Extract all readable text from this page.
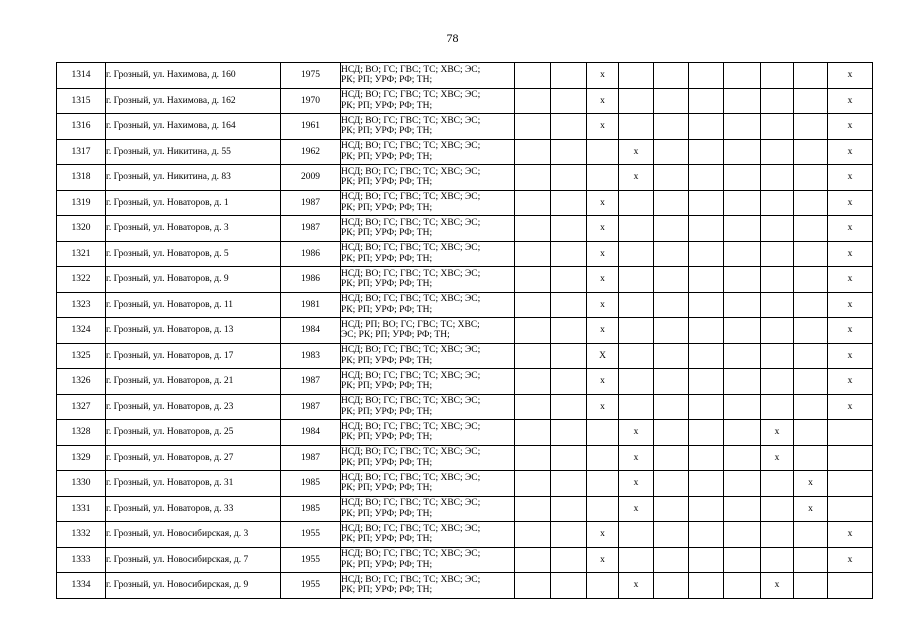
78
1314	г. Грозный, ул. Нахимова, д. 160	1975	НСД; ВО; ГС; ГВС; ТС; ХВС; ЭС;
РК; РП; УРФ; РФ; ТН;			x							x
1315	г. Грозный, ул. Нахимова, д. 162	1970	НСД; ВО; ГС; ГВС; ТС; ХВС; ЭС;
РК; РП; УРФ; РФ; ТН;			x							x
1316	г. Грозный, ул. Нахимова, д. 164	1961	НСД; ВО; ГС; ГВС; ТС; ХВС; ЭС;
РК; РП; УРФ; РФ; ТН;			x							x
1317	г. Грозный, ул. Никитина, д. 55	1962	НСД; ВО; ГС; ГВС; ТС; ХВС; ЭС;
РК; РП; УРФ; РФ; ТН;				x						x
1318	г. Грозный, ул. Никитина, д. 83	2009	НСД; ВО; ГС; ГВС; ТС; ХВС; ЭС;
РК; РП; УРФ; РФ; ТН;				x						x
1319	г. Грозный, ул. Новаторов, д. 1	1987	НСД; ВО; ГС; ГВС; ТС; ХВС; ЭС;
РК; РП; УРФ; РФ; ТН;			x							x
1320	г. Грозный, ул. Новаторов, д. 3	1987	НСД; ВО; ГС; ГВС; ТС; ХВС; ЭС;
РК; РП; УРФ; РФ; ТН;			x							x
1321	г. Грозный, ул. Новаторов, д. 5	1986	НСД; ВО; ГС; ГВС; ТС; ХВС; ЭС;
РК; РП; УРФ; РФ; ТН;			x							x
1322	г. Грозный, ул. Новаторов, д. 9	1986	НСД; ВО; ГС; ГВС; ТС; ХВС; ЭС;
РК; РП; УРФ; РФ; ТН;			x							x
1323	г. Грозный, ул. Новаторов, д. 11	1981	НСД; ВО; ГС; ГВС; ТС; ХВС; ЭС;
РК; РП; УРФ; РФ; ТН;			x							x
1324	г. Грозный, ул. Новаторов, д. 13	1984	НСД; РП; ВО; ГС; ГВС; ТС; ХВС;
ЭС; РК; РП; УРФ; РФ; ТН;			x							x
1325	г. Грозный, ул. Новаторов, д. 17	1983	НСД; ВО; ГС; ГВС; ТС; ХВС; ЭС;
РК; РП; УРФ; РФ; ТН;			X							x
1326	г. Грозный, ул. Новаторов, д. 21	1987	НСД; ВО; ГС; ГВС; ТС; ХВС; ЭС;
РК; РП; УРФ; РФ; ТН;			x							x
1327	г. Грозный, ул. Новаторов, д. 23	1987	НСД; ВО; ГС; ГВС; ТС; ХВС; ЭС;
РК; РП; УРФ; РФ; ТН;			x							x
1328	г. Грозный, ул. Новаторов, д. 25	1984	НСД; ВО; ГС; ГВС; ТС; ХВС; ЭС;
РК; РП; УРФ; РФ; ТН;				x				x		
1329	г. Грозный, ул. Новаторов, д. 27	1987	НСД; ВО; ГС; ГВС; ТС; ХВС; ЭС;
РК; РП; УРФ; РФ; ТН;				x				x		
1330	г. Грозный, ул. Новаторов, д. 31	1985	НСД; ВО; ГС; ГВС; ТС; ХВС; ЭС;
РК; РП; УРФ; РФ; ТН;				x					x	
1331	г. Грозный, ул. Новаторов, д. 33	1985	НСД; ВО; ГС; ГВС; ТС; ХВС; ЭС;
РК; РП; УРФ; РФ; ТН;				x					x	
1332	г. Грозный, ул. Новосибирская, д. 3	1955	НСД; ВО; ГС; ГВС; ТС; ХВС; ЭС;
РК; РП; УРФ; РФ; ТН;			x							x
1333	г. Грозный, ул. Новосибирская, д. 7	1955	НСД; ВО; ГС; ГВС; ТС; ХВС; ЭС;
РК; РП; УРФ; РФ; ТН;			x							x
1334	г. Грозный, ул. Новосибирская, д. 9	1955	НСД; ВО; ГС; ГВС; ТС; ХВС; ЭС;
РК; РП; УРФ; РФ; ТН;				x				x		
